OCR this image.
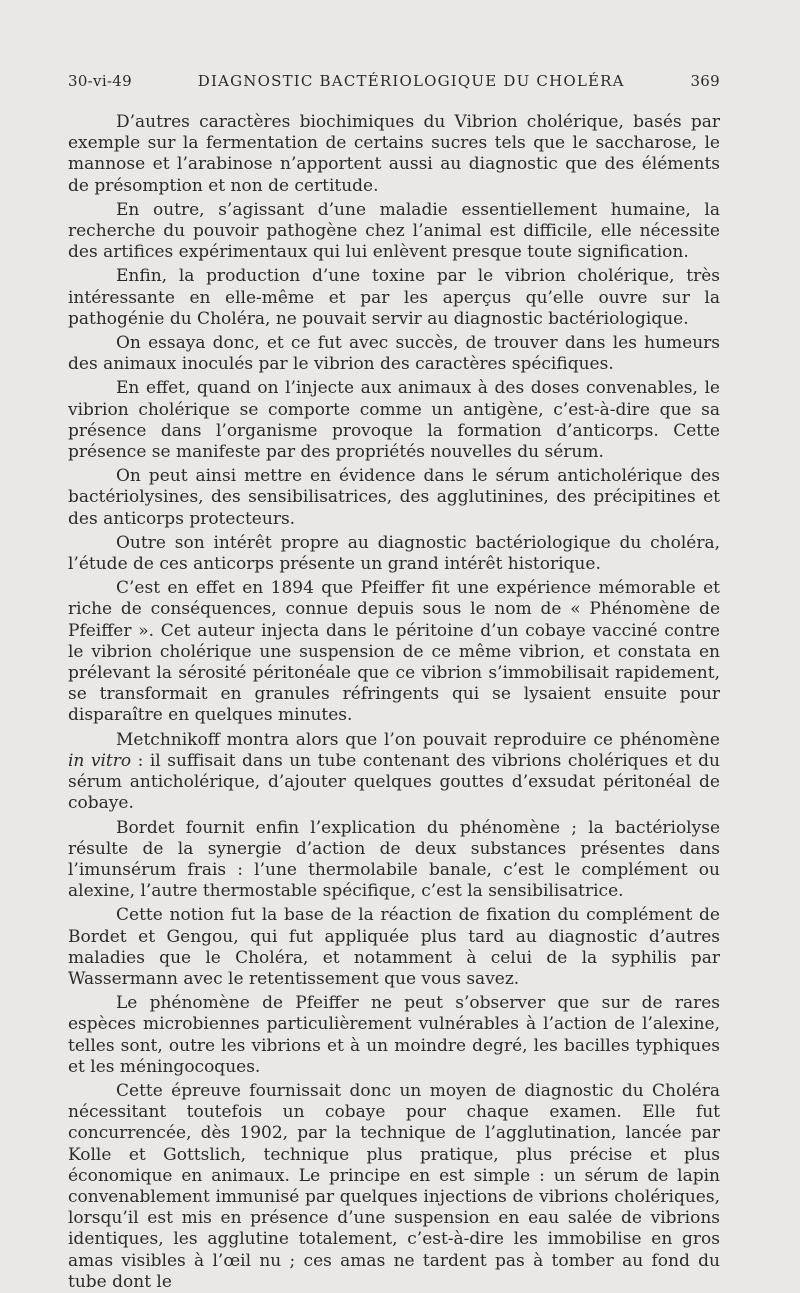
30-vi-49	DIAGNOSTIC BACTÉRIOLOGIQUE DU CHOLÉRA	369

D’autres caractères biochimiques du Vibrion cholérique, basés par exemple sur la fermentation de certains sucres tels que le saccharose, le mannose et l’arabinose n’apportent aussi au diagnostic que des éléments de présomption et non de certitude.

En outre, s’agissant d’une maladie essentiellement humaine, la recherche du pouvoir pathogène chez l’animal est difficile, elle nécessite des artifices expérimentaux qui lui enlèvent presque toute signification.

Enfin, la production d’une toxine par le vibrion cholérique, très intéressante en elle-même et par les aperçus qu’elle ouvre sur la pathogénie du Choléra, ne pouvait servir au diagnostic bactériologique.

On essaya donc, et ce fut avec succès, de trouver dans les humeurs des animaux inoculés par le vibrion des caractères spécifiques.

En effet, quand on l’injecte aux animaux à des doses convenables, le vibrion cholérique se comporte comme un antigène, c’est-à-dire que sa présence dans l’organisme provoque la formation d’anticorps. Cette présence se manifeste par des propriétés nouvelles du sérum.

On peut ainsi mettre en évidence dans le sérum anticholérique des bactériolysines, des sensibilisatrices, des agglutinines, des précipitines et des anticorps protecteurs.

Outre son intérêt propre au diagnostic bactériologique du choléra, l’étude de ces anticorps présente un grand intérêt historique.

C’est en effet en 1894 que Pfeiffer fit une expérience mémorable et riche de conséquences, connue depuis sous le nom de « Phénomène de Pfeiffer ». Cet auteur injecta dans le péritoine d’un cobaye vacciné contre le vibrion cholérique une suspension de ce même vibrion, et constata en prélevant la sérosité péritonéale que ce vibrion s’immobilisait rapidement, se transformait en granules réfringents qui se lysaient ensuite pour disparaître en quelques minutes.

Metchnikoff montra alors que l’on pouvait reproduire ce phénomène in vitro : il suffisait dans un tube contenant des vibrions cholériques et du sérum anticholérique, d’ajouter quelques gouttes d’exsudat péritonéal de cobaye.

Bordet fournit enfin l’explication du phénomène ; la bactériolyse résulte de la synergie d’action de deux substances présentes dans l’imunsérum frais : l’une thermolabile banale, c’est le complément ou alexine, l’autre thermostable spécifique, c’est la sensibilisatrice.

Cette notion fut la base de la réaction de fixation du complément de Bordet et Gengou, qui fut appliquée plus tard au diagnostic d’autres maladies que le Choléra, et notamment à celui de la syphilis par Wassermann avec le retentissement que vous savez.

Le phénomène de Pfeiffer ne peut s’observer que sur de rares espèces microbiennes particulièrement vulnérables à l’action de l’alexine, telles sont, outre les vibrions et à un moindre degré, les bacilles typhiques et les méningocoques.

Cette épreuve fournissait donc un moyen de diagnostic du Choléra nécessitant toutefois un cobaye pour chaque examen. Elle fut concurrencée, dès 1902, par la technique de l’agglutination, lancée par Kolle et Gottslich, technique plus pratique, plus précise et plus économique en animaux. Le principe en est simple : un sérum de lapin convenablement immunisé par quelques injections de vibrions cholériques, lorsqu’il est mis en présence d’une suspension en eau salée de vibrions identiques, les agglutine totalement, c’est-à-dire les immobilise en gros amas visibles à l’œil nu ; ces amas ne tardent pas à tomber au fond du tube dont le
